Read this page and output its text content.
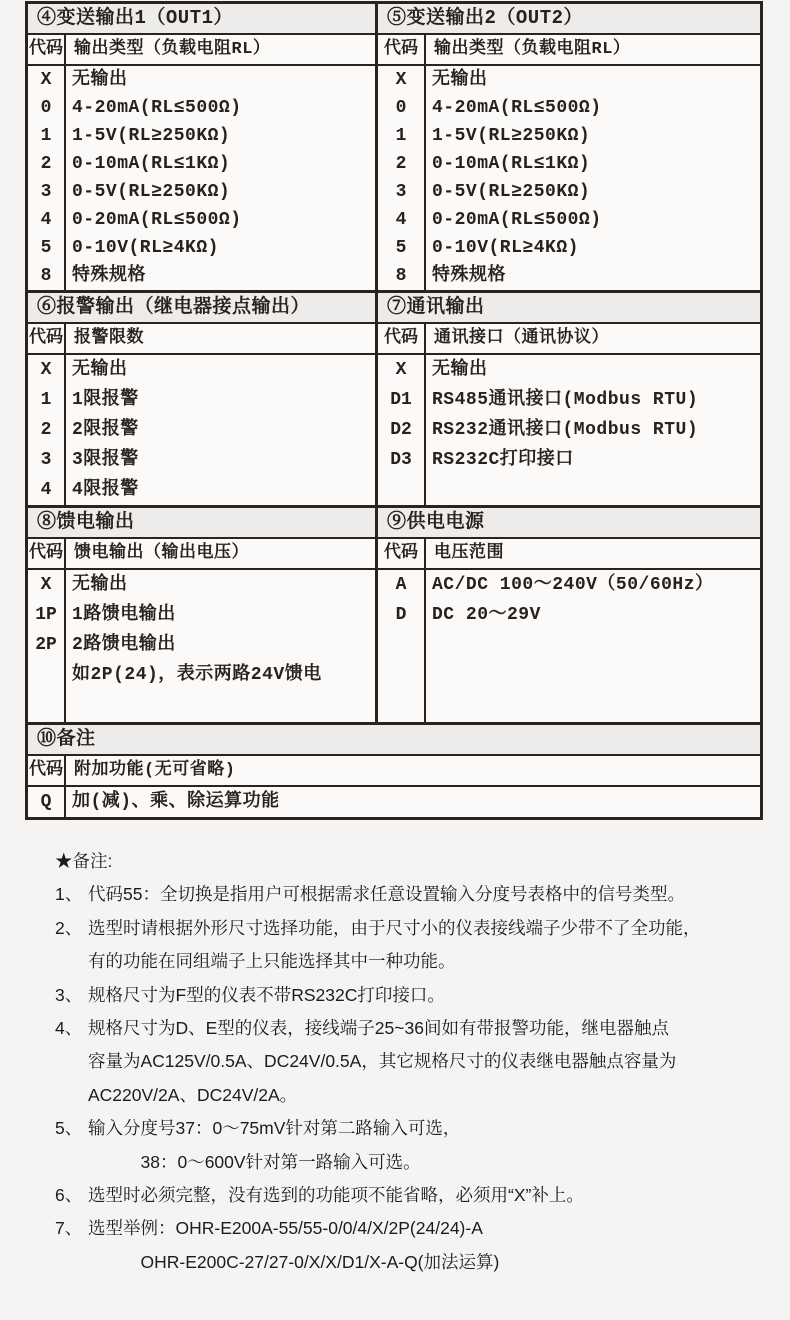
④变送输出1（OUT1）
代码 输出类型（负载电阻RL）
X	无输出
0	4-20mA(RL≤500Ω)
1	1-5V(RL≥250KΩ)
2	0-10mA(RL≤1KΩ)
3	0-5V(RL≥250KΩ)
4	0-20mA(RL≤500Ω)
5	0-10V(RL≥4KΩ)
8	特殊规格
⑤变送输出2（OUT2）
代码 输出类型（负载电阻RL）
X	无输出
0	4-20mA(RL≤500Ω)
1	1-5V(RL≥250KΩ)
2	0-10mA(RL≤1KΩ)
3	0-5V(RL≥250KΩ)
4	0-20mA(RL≤500Ω)
5	0-10V(RL≥4KΩ)
8	特殊规格
⑥报警输出（继电器接点输出）
代码 报警限数
X	无输出
1	1限报警
2	2限报警
3	3限报警
4	4限报警
⑦通讯输出
代码 通讯接口（通讯协议）
X	无输出
D1	RS485通讯接口(Modbus RTU)
D2	RS232通讯接口(Modbus RTU)
D3	RS232C打印接口
⑧馈电输出
代码 馈电输出（输出电压）
X	无输出
1P 1路馈电输出
2P 2路馈电输出
如2P(24)，表示两路24V馈电
⑨供电电源
代码 电压范围
A	AC/DC 100～240V（50/60Hz）
D	DC 20～29V
⑩备注
代码 附加功能(无可省略)
Q	加(减)、乘、除运算功能
★备注:
1、 代码55：全切换是指用户可根据需求任意设置输入分度号表格中的信号类型。
2、 选型时请根据外形尺寸选择功能，由于尺寸小的仪表接线端子少带不了全功能，
有的功能在同组端子上只能选择其中一种功能。
3、 规格尺寸为F型的仪表不带RS232C打印接口。
4、 规格尺寸为D、E型的仪表，接线端子25~36间如有带报警功能，继电器触点
容量为AC125V/0.5A、DC24V/0.5A，其它规格尺寸的仪表继电器触点容量为
AC220V/2A、DC24V/2A。
5、 输入分度号37：0～75mV针对第二路输入可选，
　　　38：0～600V针对第一路输入可选。
6、 选型时必须完整，没有选到的功能项不能省略，必须用“X”补上。
7、 选型举例：OHR-E200A-55/55-0/0/4/X/2P(24/24)-A
　　　OHR-E200C-27/27-0/X/X/D1/X-A-Q(加法运算)
